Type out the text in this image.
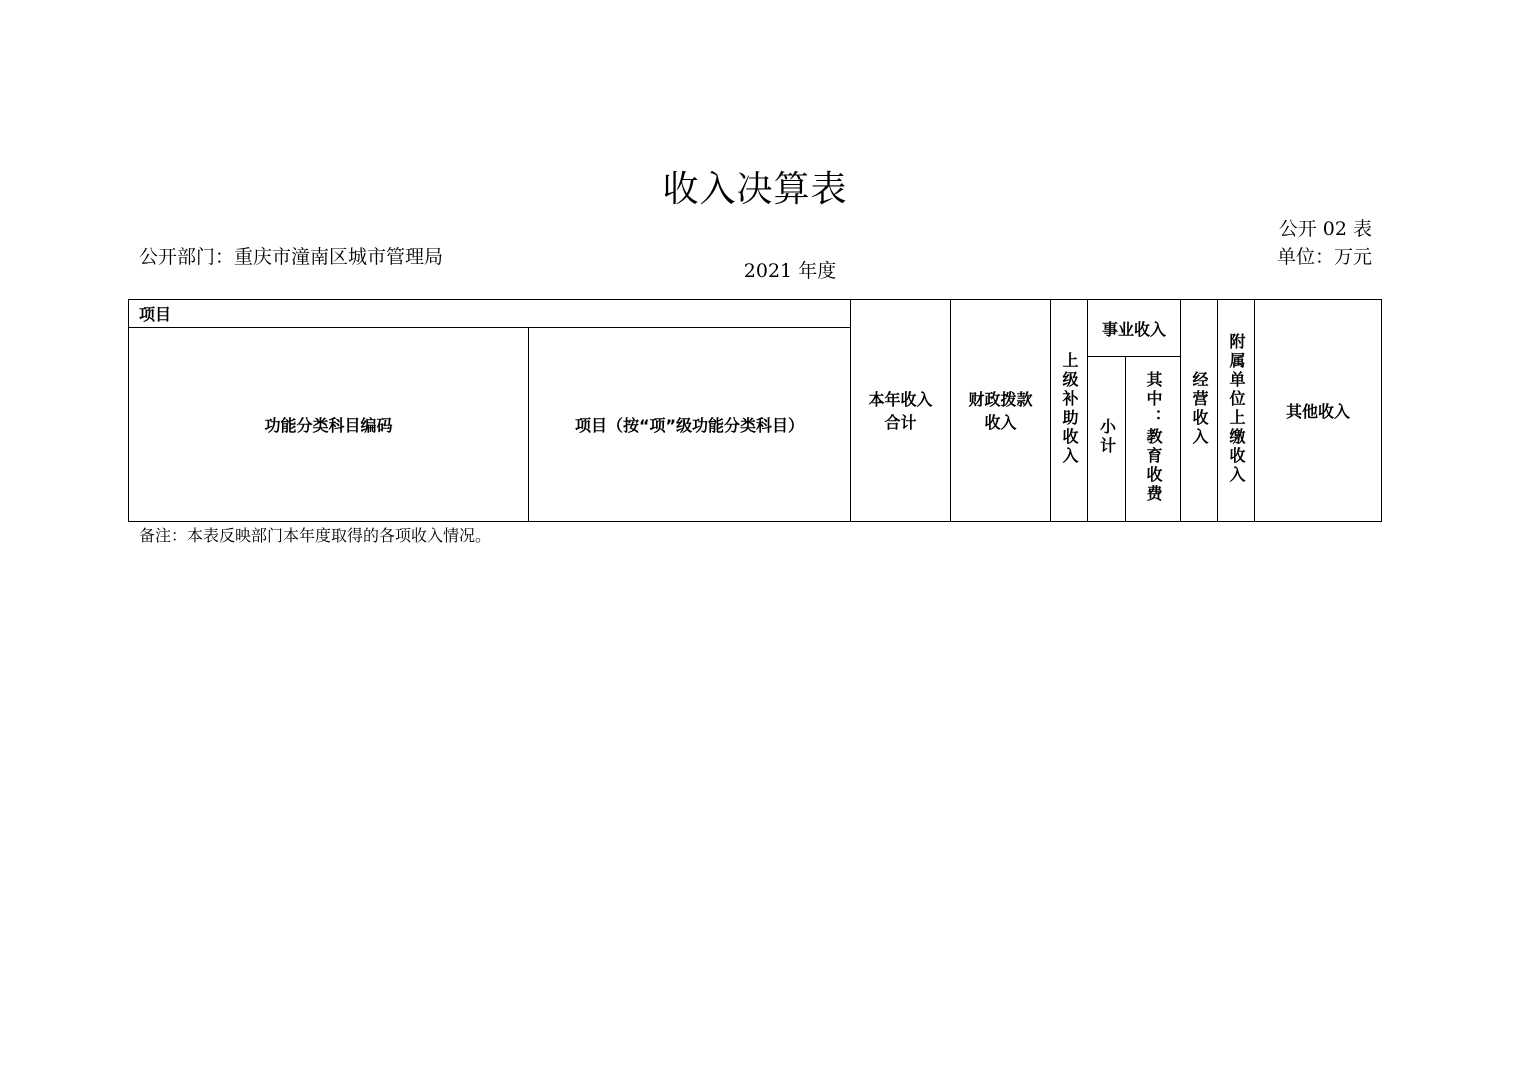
收入决算表
公开 02 表
公开部门：重庆市潼南区城市管理局
2021 年度
单位：万元
项目		本年收入合计	财政拨款收入	上级补助收入	事业收入		经营收入	附属单位上缴收入	其他收入
功能分类科目编码	项目（按“项”级功能分类科目）								
					小计	其中：教育收费			
备注：本表反映部门本年度取得的各项收入情况。
